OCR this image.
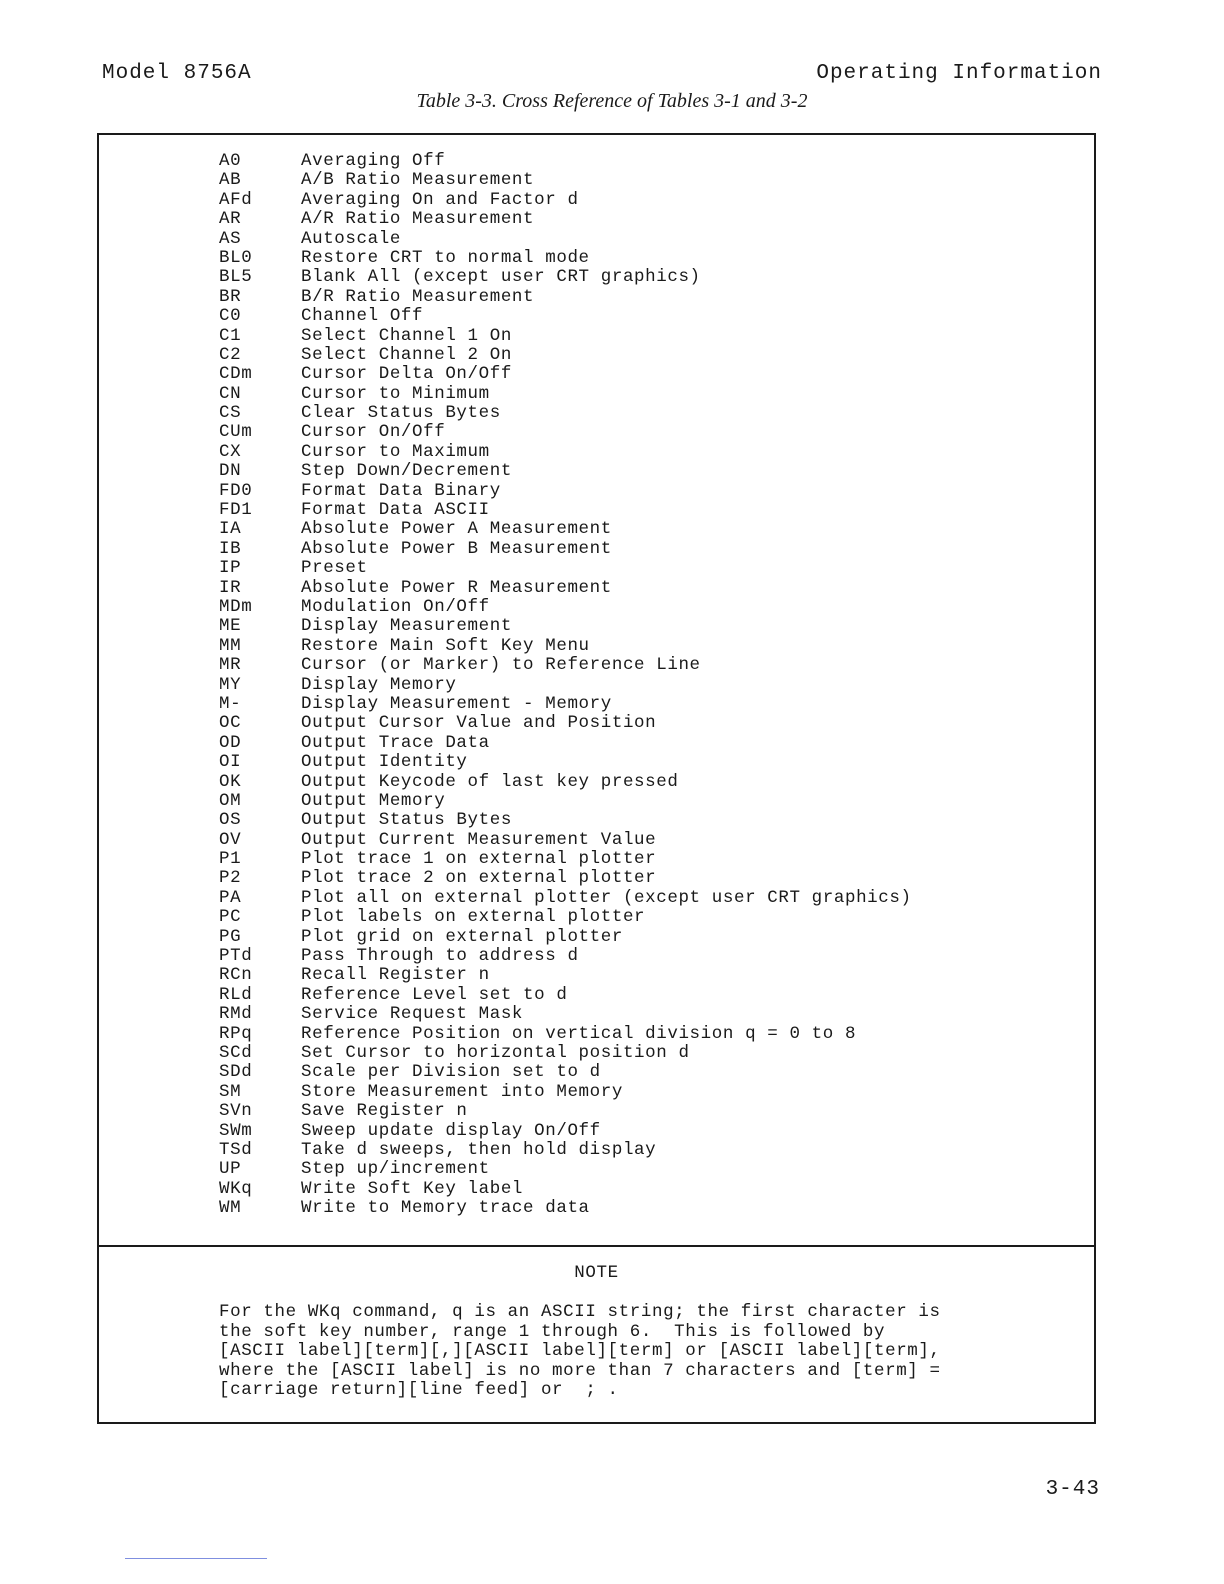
Model 8756A	Operating Information
Table 3-3. Cross Reference of Tables 3-1 and 3-2
A0	Averaging Off
AB	A/B Ratio Measurement
AFd	Averaging On and Factor d
AR	A/R Ratio Measurement
AS	Autoscale
BL0	Restore CRT to normal mode
BL5	Blank All (except user CRT graphics)
BR	B/R Ratio Measurement
C0	Channel Off
C1	Select Channel 1 On
C2	Select Channel 2 On
CDm	Cursor Delta On/Off
CN	Cursor to Minimum
CS	Clear Status Bytes
CUm	Cursor On/Off
CX	Cursor to Maximum
DN	Step Down/Decrement
FD0	Format Data Binary
FD1	Format Data ASCII
IA	Absolute Power A Measurement
IB	Absolute Power B Measurement
IP	Preset
IR	Absolute Power R Measurement
MDm	Modulation On/Off
ME	Display Measurement
MM	Restore Main Soft Key Menu
MR	Cursor (or Marker) to Reference Line
MY	Display Memory
M-	Display Measurement - Memory
OC	Output Cursor Value and Position
OD	Output Trace Data
OI	Output Identity
OK	Output Keycode of last key pressed
OM	Output Memory
OS	Output Status Bytes
OV	Output Current Measurement Value
P1	Plot trace 1 on external plotter
P2	Plot trace 2 on external plotter
PA	Plot all on external plotter (except user CRT graphics)
PC	Plot labels on external plotter
PG	Plot grid on external plotter
PTd	Pass Through to address d
RCn	Recall Register n
RLd	Reference Level set to d
RMd	Service Request Mask
RPq	Reference Position on vertical division q = 0 to 8
SCd	Set Cursor to horizontal position d
SDd	Scale per Division set to d
SM	Store Measurement into Memory
SVn	Save Register n
SWm	Sweep update display On/Off
TSd	Take d sweeps, then hold display
UP	Step up/increment
WKq	Write Soft Key label
WM	Write to Memory trace data
NOTE
For the WKq command, q is an ASCII string; the first character is
the soft key number, range 1 through 6.  This is followed by
[ASCII label][term][,][ASCII label][term] or [ASCII label][term],
where the [ASCII label] is no more than 7 characters and [term] =
[carriage return][line feed] or  ; .
3-43
